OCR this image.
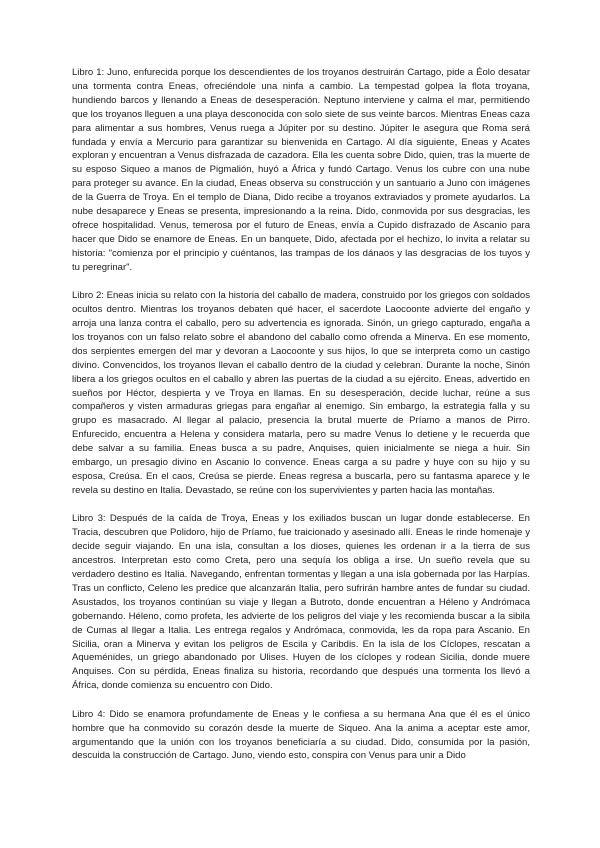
Libro 1: Juno, enfurecida porque los descendientes de los troyanos destruirán Cartago, pide a Éolo desatar una tormenta contra Eneas, ofreciéndole una ninfa a cambio. La tempestad golpea la flota troyana, hundiendo barcos y llenando a Eneas de desesperación. Neptuno interviene y calma el mar, permitiendo que los troyanos lleguen a una playa desconocida con solo siete de sus veinte barcos. Mientras Eneas caza para alimentar a sus hombres, Venus ruega a Júpiter por su destino. Júpiter le asegura que Roma será fundada y envía a Mercurio para garantizar su bienvenida en Cartago. Al día siguiente, Eneas y Acates exploran y encuentran a Venus disfrazada de cazadora. Ella les cuenta sobre Dido, quien, tras la muerte de su esposo Siqueo a manos de Pigmalión, huyó a África y fundó Cartago. Venus los cubre con una nube para proteger su avance. En la ciudad, Eneas observa su construcción y un santuario a Juno con imágenes de la Guerra de Troya. En el templo de Diana, Dido recibe a troyanos extraviados y promete ayudarlos. La nube desaparece y Eneas se presenta, impresionando a la reina. Dido, conmovida por sus desgracias, les ofrece hospitalidad. Venus, temerosa por el futuro de Eneas, envía a Cupido disfrazado de Ascanio para hacer que Dido se enamore de Eneas. En un banquete, Dido, afectada por el hechizo, lo invita a relatar su historia: "comienza por el principio y cuéntanos, las trampas de los dánaos y las desgracias de los tuyos y tu peregrinar".

Libro 2: Eneas inicia su relato con la historia del caballo de madera, construido por los griegos con soldados ocultos dentro. Mientras los troyanos debaten qué hacer, el sacerdote Laocoonte advierte del engaño y arroja una lanza contra el caballo, pero su advertencia es ignorada. Sinón, un griego capturado, engaña a los troyanos con un falso relato sobre el abandono del caballo como ofrenda a Minerva. En ese momento, dos serpientes emergen del mar y devoran a Laocoonte y sus hijos, lo que se interpreta como un castigo divino. Convencidos, los troyanos llevan el caballo dentro de la ciudad y celebran. Durante la noche, Sinón libera a los griegos ocultos en el caballo y abren las puertas de la ciudad a su ejército. Eneas, advertido en sueños por Héctor, despierta y ve Troya en llamas. En su desesperación, decide luchar, reúne a sus compañeros y visten armaduras griegas para engañar al enemigo. Sin embargo, la estrategia falla y su grupo es masacrado. Al llegar al palacio, presencia la brutal muerte de Príamo a manos de Pirro. Enfurecido, encuentra a Helena y considera matarla, pero su madre Venus lo detiene y le recuerda que debe salvar a su familia. Eneas busca a su padre, Anquises, quien inicialmente se niega a huir. Sin embargo, un presagio divino en Ascanio lo convence. Eneas carga a su padre y huye con su hijo y su esposa, Creúsa. En el caos, Creúsa se pierde. Eneas regresa a buscarla, pero su fantasma aparece y le revela su destino en Italia. Devastado, se reúne con los supervivientes y parten hacia las montañas.

Libro 3: Después de la caída de Troya, Eneas y los exiliados buscan un lugar donde establecerse. En Tracia, descubren que Polidoro, hijo de Príamo, fue traicionado y asesinado allí. Eneas le rinde homenaje y decide seguir viajando. En una isla, consultan a los dioses, quienes les ordenan ir a la tierra de sus ancestros. Interpretan esto como Creta, pero una sequía los obliga a irse. Un sueño revela que su verdadero destino es Italia. Navegando, enfrentan tormentas y llegan a una isla gobernada por las Harpías. Tras un conflicto, Celeno les predice que alcanzarán Italia, pero sufrirán hambre antes de fundar su ciudad. Asustados, los troyanos continúan su viaje y llegan a Butroto, donde encuentran a Héleno y Andrómaca gobernando. Héleno, como profeta, les advierte de los peligros del viaje y les recomienda buscar a la sibila de Cumas al llegar a Italia. Les entrega regalos y Andrómaca, conmovida, les da ropa para Ascanio. En Sicilia, oran a Minerva y evitan los peligros de Escila y Caribdis. En la isla de los Cíclopes, rescatan a Aqueménides, un griego abandonado por Ulises. Huyen de los cíclopes y rodean Sicilia, donde muere Anquises. Con su pérdida, Eneas finaliza su historia, recordando que después una tormenta los llevó a África, donde comienza su encuentro con Dido.

Libro 4: Dido se enamora profundamente de Eneas y le confiesa a su hermana Ana que él es el único hombre que ha conmovido su corazón desde la muerte de Siqueo. Ana la anima a aceptar este amor, argumentando que la unión con los troyanos beneficiaría a su ciudad. Dido, consumida por la pasión, descuida la construcción de Cartago. Juno, viendo esto, conspira con Venus para unir a Dido
